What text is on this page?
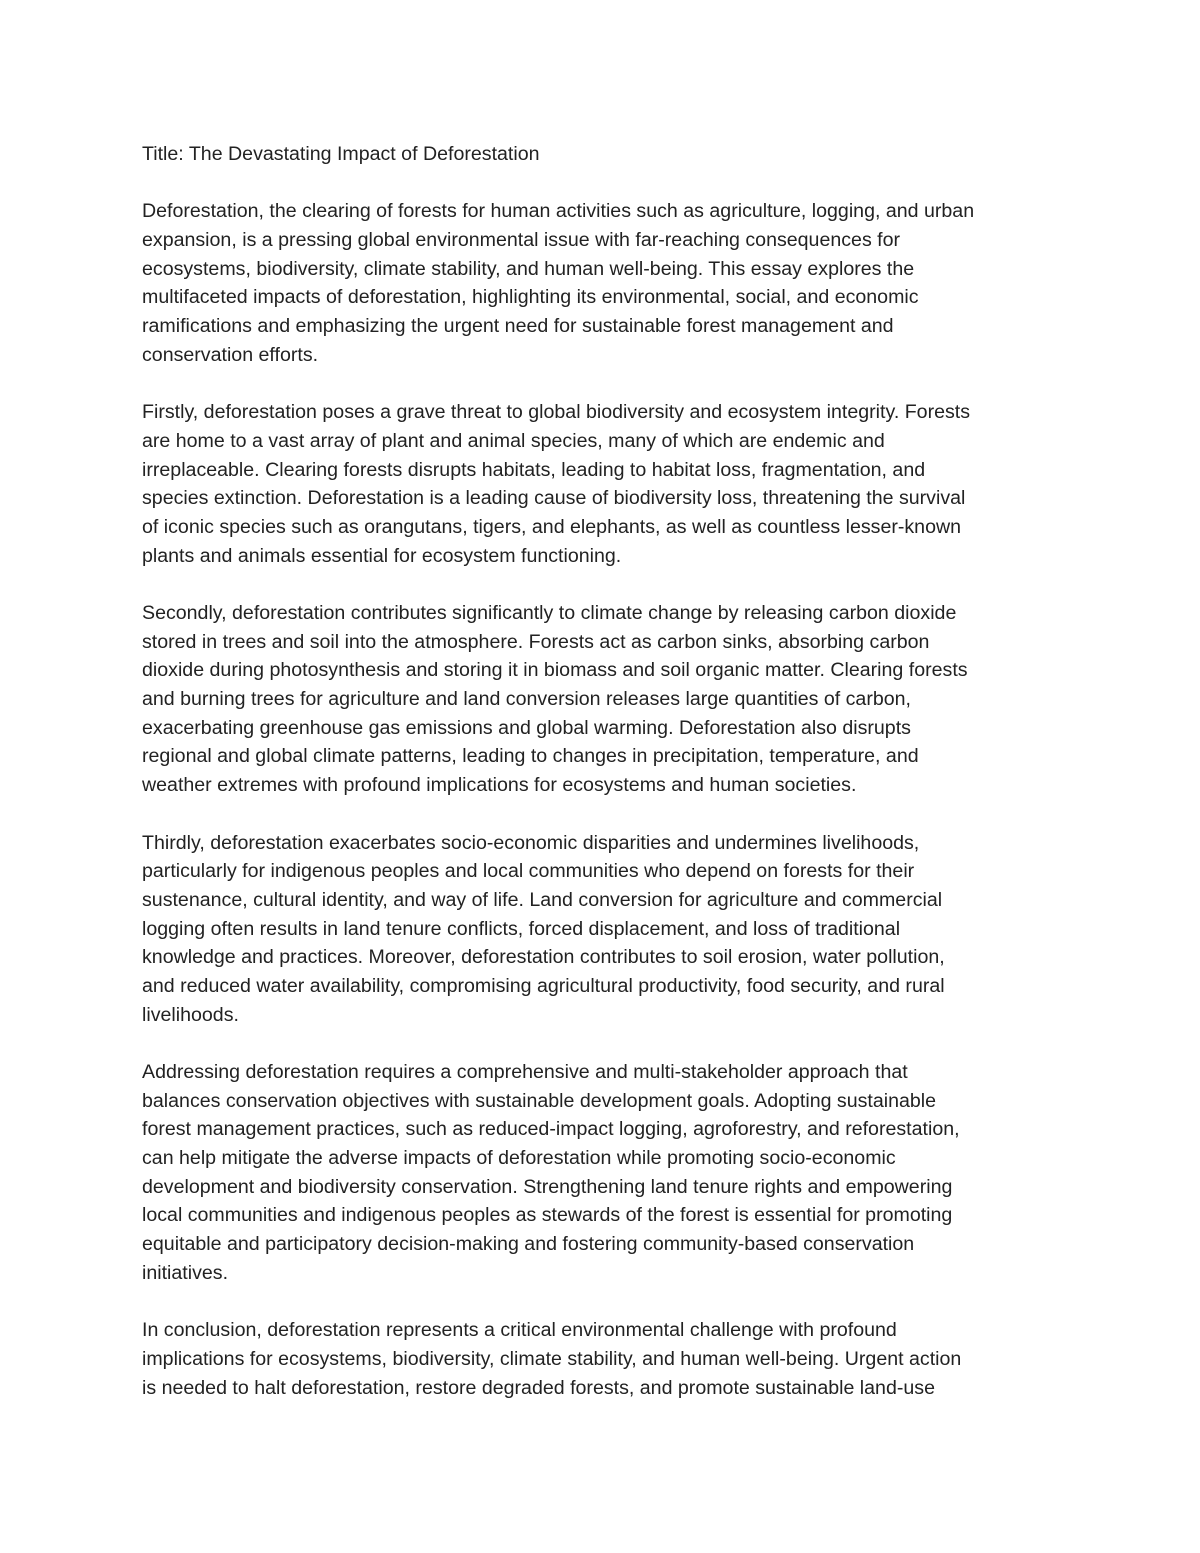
Title: The Devastating Impact of Deforestation
Deforestation, the clearing of forests for human activities such as agriculture, logging, and urban
expansion, is a pressing global environmental issue with far-reaching consequences for
ecosystems, biodiversity, climate stability, and human well-being. This essay explores the
multifaceted impacts of deforestation, highlighting its environmental, social, and economic
ramifications and emphasizing the urgent need for sustainable forest management and
conservation efforts.
Firstly, deforestation poses a grave threat to global biodiversity and ecosystem integrity. Forests
are home to a vast array of plant and animal species, many of which are endemic and
irreplaceable. Clearing forests disrupts habitats, leading to habitat loss, fragmentation, and
species extinction. Deforestation is a leading cause of biodiversity loss, threatening the survival
of iconic species such as orangutans, tigers, and elephants, as well as countless lesser-known
plants and animals essential for ecosystem functioning.
Secondly, deforestation contributes significantly to climate change by releasing carbon dioxide
stored in trees and soil into the atmosphere. Forests act as carbon sinks, absorbing carbon
dioxide during photosynthesis and storing it in biomass and soil organic matter. Clearing forests
and burning trees for agriculture and land conversion releases large quantities of carbon,
exacerbating greenhouse gas emissions and global warming. Deforestation also disrupts
regional and global climate patterns, leading to changes in precipitation, temperature, and
weather extremes with profound implications for ecosystems and human societies.
Thirdly, deforestation exacerbates socio-economic disparities and undermines livelihoods,
particularly for indigenous peoples and local communities who depend on forests for their
sustenance, cultural identity, and way of life. Land conversion for agriculture and commercial
logging often results in land tenure conflicts, forced displacement, and loss of traditional
knowledge and practices. Moreover, deforestation contributes to soil erosion, water pollution,
and reduced water availability, compromising agricultural productivity, food security, and rural
livelihoods.
Addressing deforestation requires a comprehensive and multi-stakeholder approach that
balances conservation objectives with sustainable development goals. Adopting sustainable
forest management practices, such as reduced-impact logging, agroforestry, and reforestation,
can help mitigate the adverse impacts of deforestation while promoting socio-economic
development and biodiversity conservation. Strengthening land tenure rights and empowering
local communities and indigenous peoples as stewards of the forest is essential for promoting
equitable and participatory decision-making and fostering community-based conservation
initiatives.
In conclusion, deforestation represents a critical environmental challenge with profound
implications for ecosystems, biodiversity, climate stability, and human well-being. Urgent action
is needed to halt deforestation, restore degraded forests, and promote sustainable land-use
